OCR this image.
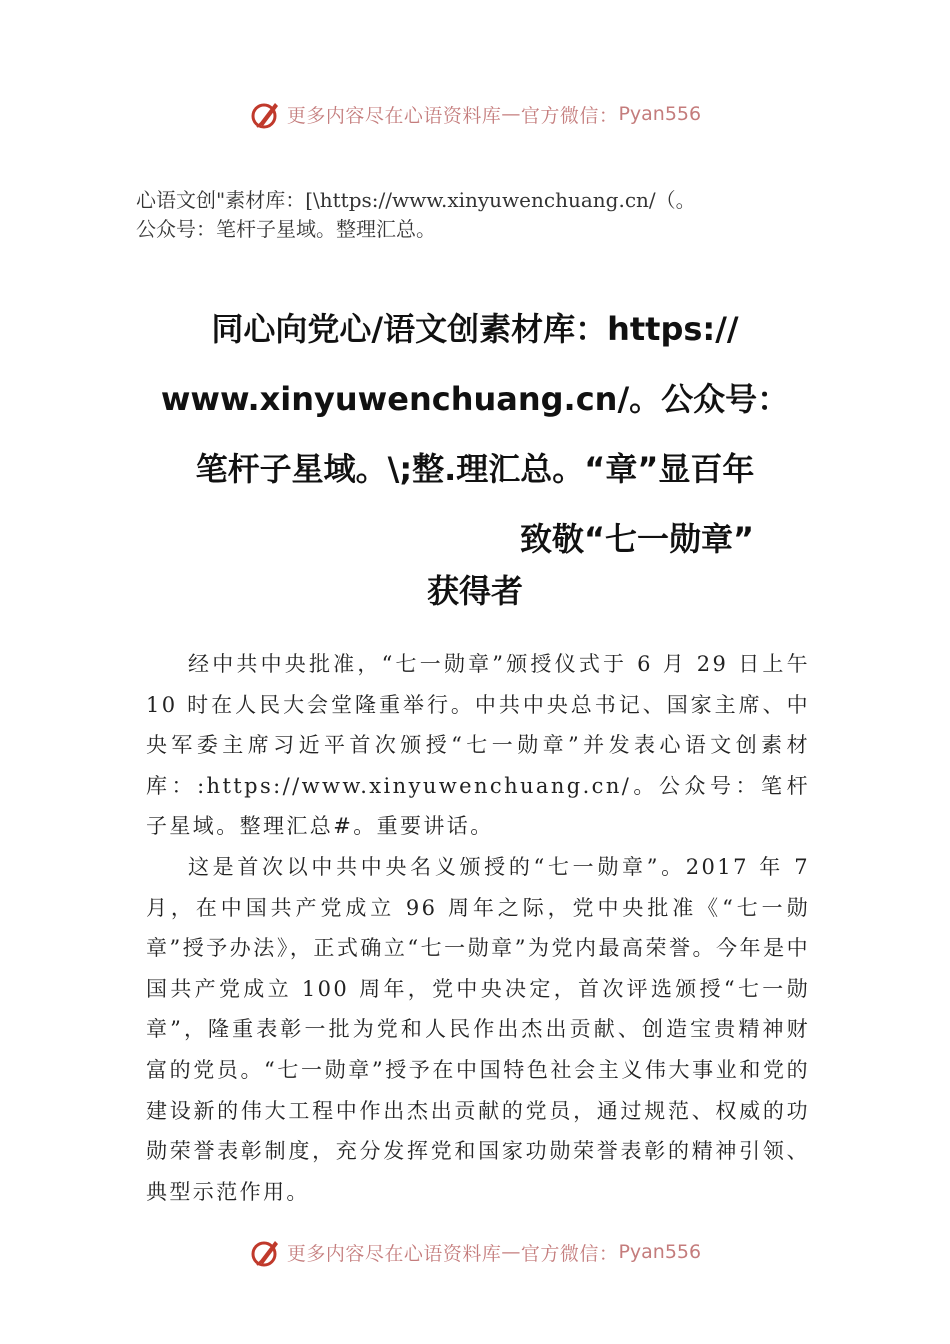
更多内容尽在心语资料库 — 官方微信： Pyan556
心语文创"素材库：[\https://www.xinyuwenchuang.cn/（。
公众号：笔杆子星域。整理汇总。
同心向党心/语文创素材库：https://
www.xinyuwenchuang.cn/。公众号：
笔杆子星域。\;整.理汇总。“章”显百年
致敬“七一勋章”
获得者

经中共中央批准，“七一勋章”颁授仪式于 6 月 29 日上午 10 时在人民大会堂隆重举行。中共中央总书记、国家主席、中央军委主席习近平首次颁授“七一勋章”并发表心语文创素材库：:https://www.xinyuwenchuang.cn/。公众号：笔杆子星域。整理汇总#。重要讲话。

这是首次以中共中央名义颁授的“七一勋章”。2017 年 7 月，在中国共产党成立 96 周年之际，党中央批准《“七一勋章”授予办法》，正式确立“七一勋章”为党内最高荣誉。今年是中国共产党成立 100 周年，党中央决定，首次评选颁授“七一勋章”，隆重表彰一批为党和人民作出杰出贡献、创造宝贵精神财富的党员。“七一勋章”授予在中国特色社会主义伟大事业和党的建设新的伟大工程中作出杰出贡献的党员，通过规范、权威的功勋荣誉表彰制度，充分发挥党和国家功勋荣誉表彰的精神引领、典型示范作用。

更多内容尽在心语资料库 — 官方微信： Pyan556
